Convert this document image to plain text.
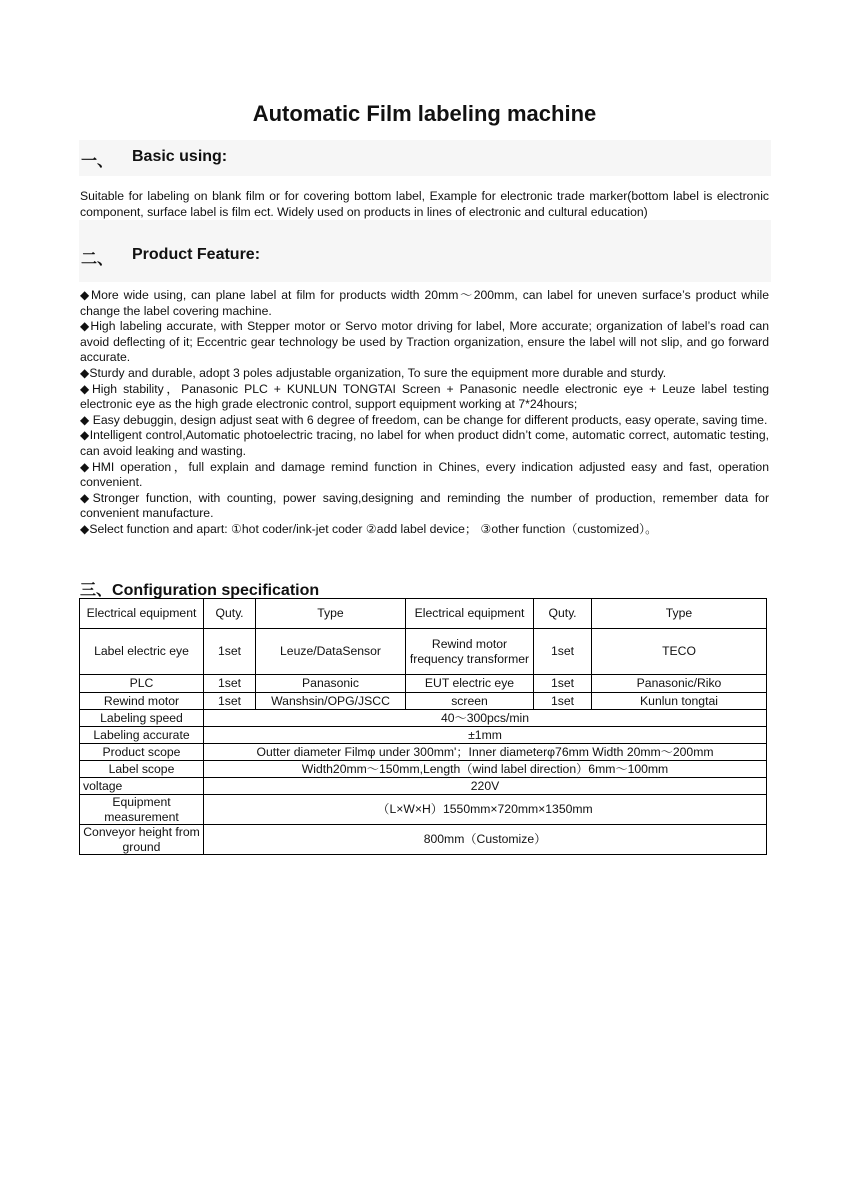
Automatic Film labeling machine
一、 Basic using:
Suitable for labeling on blank film or for covering bottom label, Example for electronic trade marker(bottom label is electronic component, surface label is film ect. Widely used on products in lines of electronic and cultural education)
二、 Product Feature:

◆More wide using, can plane label at film for products width 20mm～200mm, can label for uneven surface’s product while change the label covering machine.

◆High labeling accurate, with Stepper motor or Servo motor driving for label, More accurate; organization of label’s road can avoid deflecting of it; Eccentric gear technology be used by Traction organization, ensure the label will not slip, and go forward accurate.

◆Sturdy and durable, adopt 3 poles adjustable organization, To sure the equipment more durable and sturdy.

◆High stability，Panasonic PLC + KUNLUN TONGTAI Screen + Panasonic needle electronic eye + Leuze label testing electronic eye as the high grade electronic control, support equipment working at 7*24hours;

◆ Easy debuggin, design adjust seat with 6 degree of freedom, can be change for different products, easy operate, saving time.

◆Intelligent control,Automatic photoelectric tracing, no label for when product didn’t come, automatic correct, automatic testing, can avoid leaking and wasting.

◆HMI operation，full explain and damage remind function in Chines, every indication adjusted easy and fast, operation convenient.

◆Stronger function, with counting, power saving,designing and reminding the number of production, remember data for convenient manufacture.

◆Select function and apart: ①hot coder/ink-jet coder ②add label device； ③other function（customized）。

三、Configuration specification
Electrical equipment	Qutу.	Type	Electrical equipment	Qutу.	Type
Label electric eye	1set	Leuze/DataSensor	Rewind motor frequency transformer	1set	TECO
PLC	1set	Panasonic	EUT electric eye	1set	Panasonic/Riko
Rewind motor	1set	Wanshsin/OPG/JSCC	screen	1set	Kunlun tongtai
Labeling speed	40～300pcs/min				
Labeling accurate	±1mm				
Product scope	Outter diameter Filmφ under 300mm'；Inner diameterφ76mm Width 20mm～200mm				
Label scope	Width20mm～150mm,Length（wind label direction）6mm～100mm				
voltage	220V				
Equipment measurement	（L×W×H）1550mm×720mm×1350mm				
Conveyor height from ground	800mm（Customize）				
